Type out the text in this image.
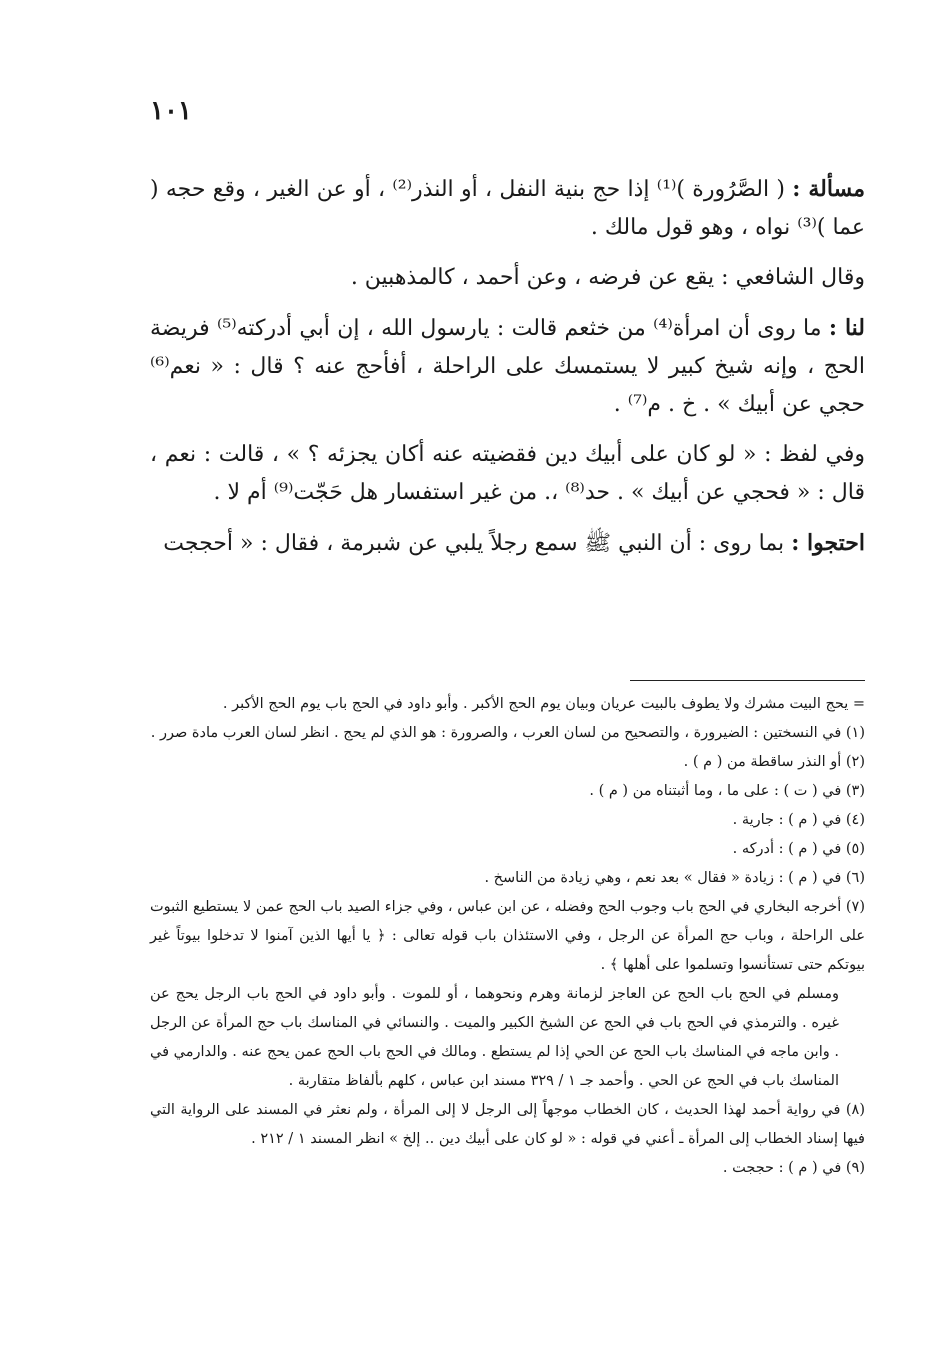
١٠١

مسألة : ( الصَّرُورة )⁽¹⁾ إذا حج بنية النفل ، أو النذر⁽²⁾ ، أو عن الغير ، وقع حجه ( عما )⁽³⁾ نواه ، وهو قول مالك .

وقال الشافعي : يقع عن فرضه ، وعن أحمد ، كالمذهبين .

لنا : ما روى أن امرأة⁽⁴⁾ من خثعم قالت : يارسول الله ، إن أبي أدركته⁽⁵⁾ فريضة الحج ، وإنه شيخ كبير لا يستمسك على الراحلة ، أفأحج عنه ؟ قال : « نعم⁽⁶⁾ حجي عن أبيك » . خ . م⁽⁷⁾ .

وفي لفظ : « لو كان على أبيك دين فقضيته عنه أكان يجزئه ؟ » ، قالت : نعم ، قال : « فحجي عن أبيك » . حد⁽⁸⁾ ،. من غير استفسار هل حَجّت⁽⁹⁾ أم لا .

احتجوا : بما روى : أن النبي ﷺ سمع رجلاً يلبي عن شبرمة ، فقال : « أحججت

= يحج البيت مشرك ولا يطوف بالبيت عريان وبيان يوم الحج الأكبر . وأبو داود في الحج باب يوم الحج الأكبر .

(١) في النسختين : الضيرورة ، والتصحيح من لسان العرب ، والصرورة : هو الذي لم يحج . انظر لسان العرب مادة صرر .

(٢) أو النذر ساقطة من ( م ) .

(٣) في ( ت ) : على ما ، وما أثبتناه من ( م ) .

(٤) في ( م ) : جارية .

(٥) في ( م ) : أدركه .

(٦) في ( م ) : زيادة « فقال » بعد نعم ، وهي زيادة من الناسخ .

(٧) أخرجه البخاري في الحج باب وجوب الحج وفضله ، عن ابن عباس ، وفي جزاء الصيد باب الحج عمن لا يستطيع الثبوت على الراحلة ، وباب حج المرأة عن الرجل ، وفي الاستئذان باب قوله تعالى : ﴿ يا أيها الذين آمنوا لا تدخلوا بيوتاً غير بيوتكم حتى تستأنسوا وتسلموا على أهلها ﴾ .

ومسلم في الحج باب الحج عن العاجز لزمانة وهرم ونحوهما ، أو للموت . وأبو داود في الحج باب الرجل يحج عن غيره . والترمذي في الحج باب في الحج عن الشيخ الكبير والميت . والنسائي في المناسك باب حج المرأة عن الرجل . وابن ماجه في المناسك باب الحج عن الحي إذا لم يستطع . ومالك في الحج باب الحج عمن يحج عنه . والدارمي في المناسك باب في الحج عن الحي . وأحمد جـ ١ / ٣٢٩ مسند ابن عباس ، كلهم بألفاظ متقاربة .

(٨) في رواية أحمد لهذا الحديث ، كان الخطاب موجهاً إلى الرجل لا إلى المرأة ، ولم نعثر في المسند على الرواية التي فيها إسناد الخطاب إلى المرأة ـ أعني في قوله : « لو كان على أبيك دين .. إلخ » انظر المسند ١ / ٢١٢ .

(٩) في ( م ) : حججت .
